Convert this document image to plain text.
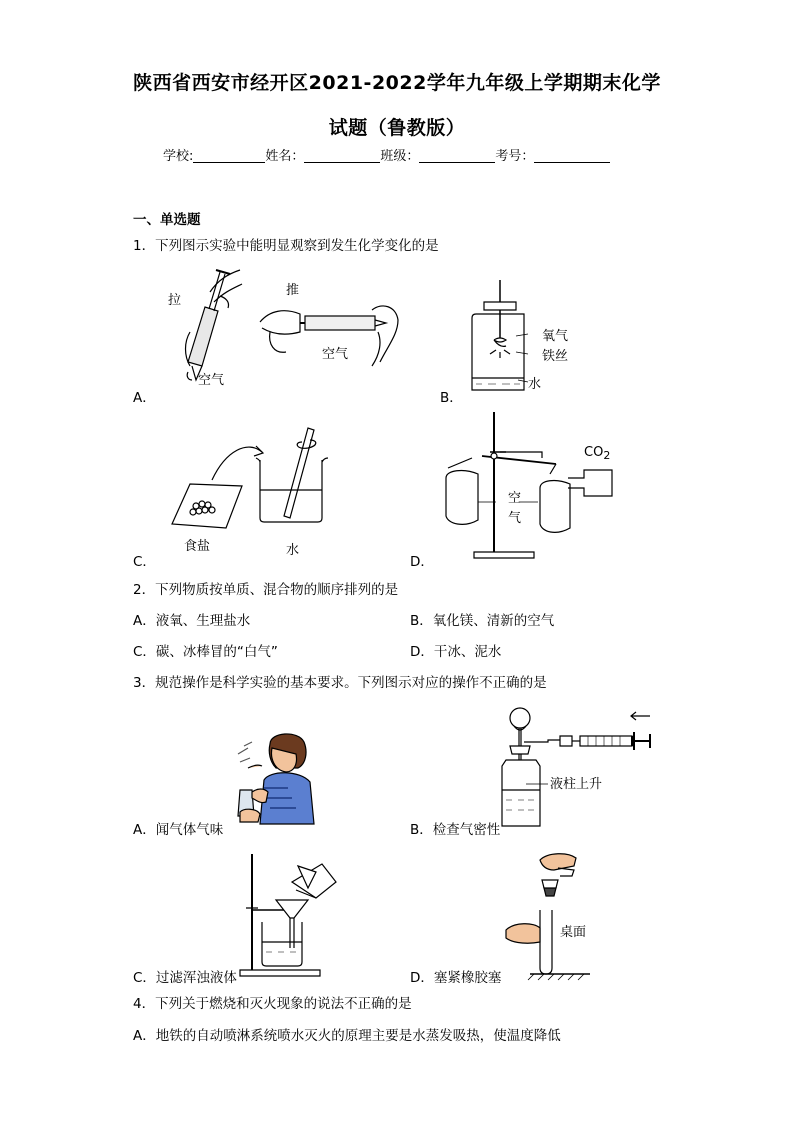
陕西省西安市经开区2021-2022学年九年级上学期期末化学
试题（鲁教版）
学校:	姓名：	班级：	考号：
一、单选题
1．下列图示实验中能明显观察到发生化学变化的是
拉
空气
推
空气
A．
氧气
铁丝
水
B．
食盐	水
C．
$CO_2$
空
气
D．
2．下列物质按单质、混合物的顺序排列的是
A．液氧、生理盐水	B．氧化镁、清新的空气
C．碳、冰棒冒的“白气”	D．干冰、泥水
3．规范操作是科学实验的基本要求。下列图示对应的操作不正确的是
A．闻气体气味
液柱上升
B．检查气密性
C．过滤浑浊液体
桌面
D．塞紧橡胶塞
4．下列关于燃烧和灭火现象的说法不正确的是
A．地铁的自动喷淋系统喷水灭火的原理主要是水蒸发吸热，使温度降低
